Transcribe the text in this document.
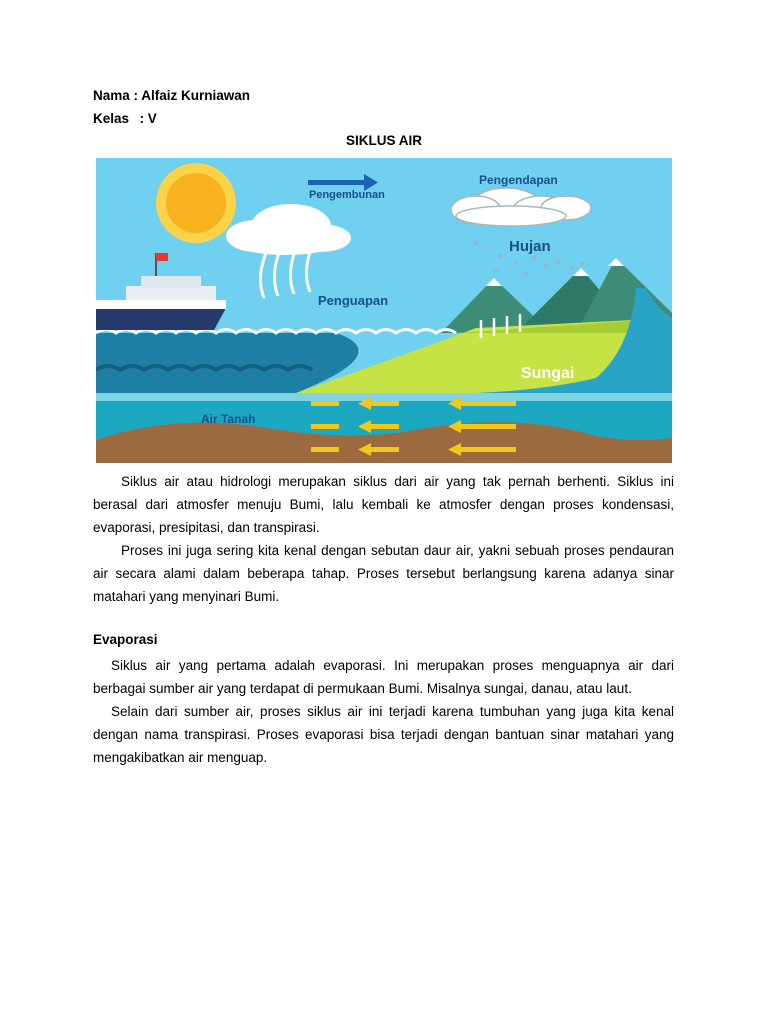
Nama : Alfaiz Kurniawan
Kelas : V
SIKLUS AIR
Pengembunan
Pengendapan
Hujan
Penguapan
Sungai
Air Tanah

Siklus air atau hidrologi merupakan siklus dari air yang tak pernah berhenti. Siklus ini berasal dari atmosfer menuju Bumi, lalu kembali ke atmosfer dengan proses kondensasi, evaporasi, presipitasi, dan transpirasi.

Proses ini juga sering kita kenal dengan sebutan daur air, yakni sebuah proses pendauran air secara alami dalam beberapa tahap. Proses tersebut berlangsung karena adanya sinar matahari yang menyinari Bumi.

Evaporasi

Siklus air yang pertama adalah evaporasi. Ini merupakan proses menguapnya air dari berbagai sumber air yang terdapat di permukaan Bumi. Misalnya sungai, danau, atau laut.

Selain dari sumber air, proses siklus air ini terjadi karena tumbuhan yang juga kita kenal dengan nama transpirasi. Proses evaporasi bisa terjadi dengan bantuan sinar matahari yang mengakibatkan air menguap.
